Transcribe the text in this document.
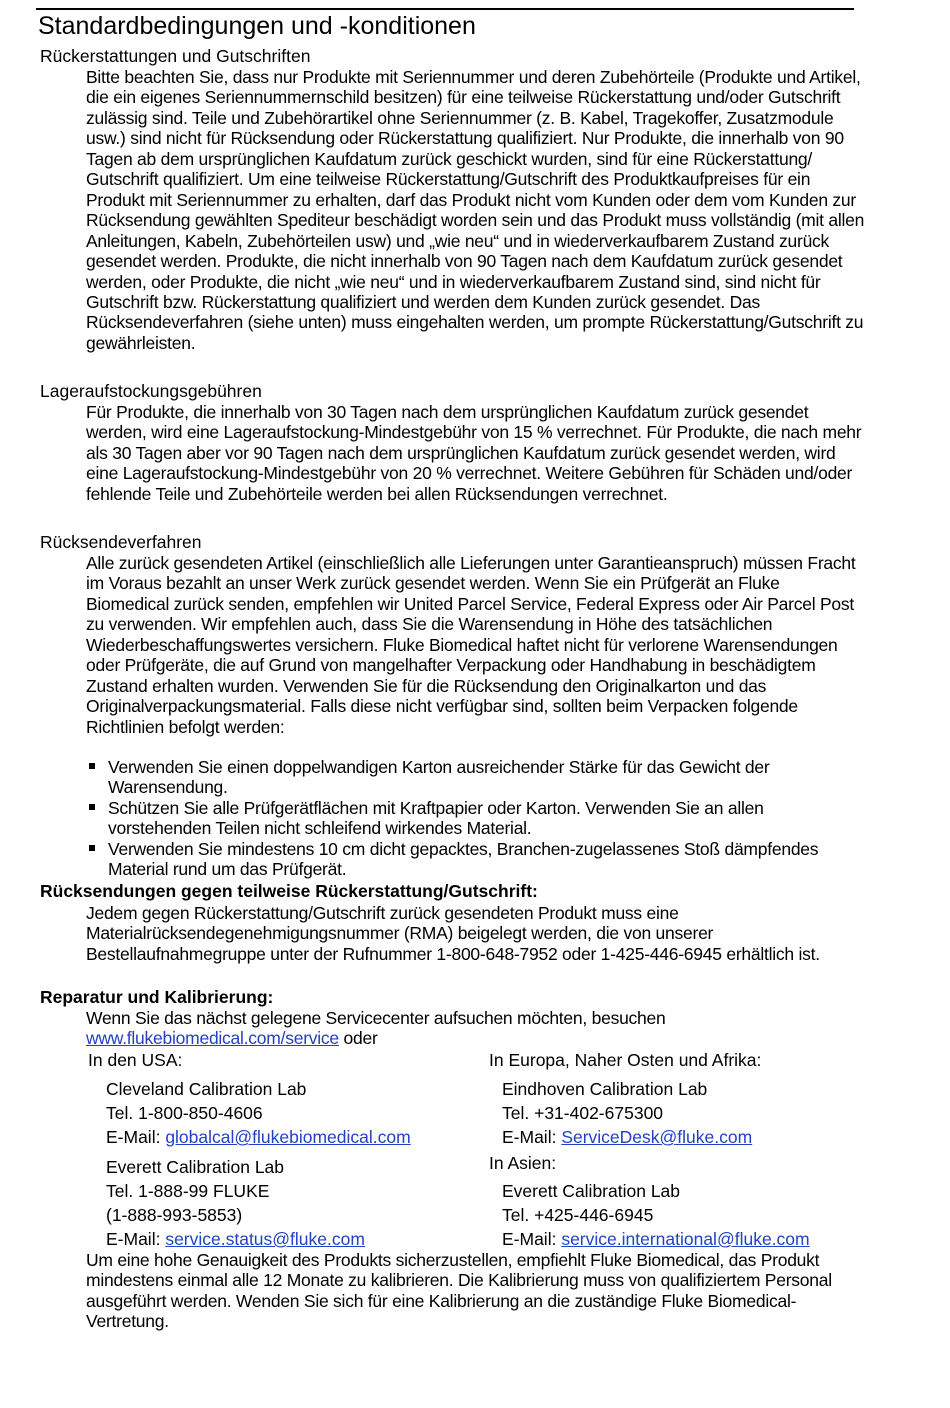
Standardbedingungen und -konditionen
Rückerstattungen und Gutschriften

Bitte beachten Sie, dass nur Produkte mit Seriennummer und deren Zubehörteile (Produkte und Artikel, die ein eigenes Seriennummernschild besitzen) für eine teilweise Rückerstattung und/oder Gutschrift zulässig sind. Teile und Zubehörartikel ohne Seriennummer (z. B. Kabel, Tragekoffer, Zusatzmodule usw.) sind nicht für Rücksendung oder Rückerstattung qualifiziert. Nur Produkte, die innerhalb von 90 Tagen ab dem ursprünglichen Kaufdatum zurück geschickt wurden, sind für eine Rückerstattung/ Gutschrift qualifiziert. Um eine teilweise Rückerstattung/Gutschrift des Produktkaufpreises für ein Produkt mit Seriennummer zu erhalten, darf das Produkt nicht vom Kunden oder dem vom Kunden zur Rücksendung gewählten Spediteur beschädigt worden sein und das Produkt muss vollständig (mit allen Anleitungen, Kabeln, Zubehörteilen usw) und „wie neu“ und in wiederverkaufbarem Zustand zurück gesendet werden. Produkte, die nicht innerhalb von 90 Tagen nach dem Kaufdatum zurück gesendet werden, oder Produkte, die nicht „wie neu“ und in wiederverkaufbarem Zustand sind, sind nicht für Gutschrift bzw. Rückerstattung qualifiziert und werden dem Kunden zurück gesendet. Das Rücksendeverfahren (siehe unten) muss eingehalten werden, um prompte Rückerstattung/Gutschrift zu gewährleisten.

Lageraufstockungsgebühren

Für Produkte, die innerhalb von 30 Tagen nach dem ursprünglichen Kaufdatum zurück gesendet werden, wird eine Lageraufstockung-Mindestgebühr von 15 % verrechnet. Für Produkte, die nach mehr als 30 Tagen aber vor 90 Tagen nach dem ursprünglichen Kaufdatum zurück gesendet werden, wird eine Lageraufstockung-Mindestgebühr von 20 % verrechnet. Weitere Gebühren für Schäden und/oder fehlende Teile und Zubehörteile werden bei allen Rücksendungen verrechnet.

Rücksendeverfahren

Alle zurück gesendeten Artikel (einschließlich alle Lieferungen unter Garantieanspruch) müssen Fracht im Voraus bezahlt an unser Werk zurück gesendet werden. Wenn Sie ein Prüfgerät an Fluke Biomedical zurück senden, empfehlen wir United Parcel Service, Federal Express oder Air Parcel Post zu verwenden. Wir empfehlen auch, dass Sie die Warensendung in Höhe des tatsächlichen Wiederbeschaffungswertes versichern. Fluke Biomedical haftet nicht für verlorene Warensendungen oder Prüfgeräte, die auf Grund von mangelhafter Verpackung oder Handhabung in beschädigtem Zustand erhalten wurden. Verwenden Sie für die Rücksendung den Originalkarton und das Originalverpackungsmaterial. Falls diese nicht verfügbar sind, sollten beim Verpacken folgende Richtlinien befolgt werden:

Verwenden Sie einen doppelwandigen Karton ausreichender Stärke für das Gewicht der Warensendung.
Schützen Sie alle Prüfgerätflächen mit Kraftpapier oder Karton. Verwenden Sie an allen vorstehenden Teilen nicht schleifend wirkendes Material.
Verwenden Sie mindestens 10 cm dicht gepacktes, Branchen-zugelassenes Stoß dämpfendes Material rund um das Prüfgerät.
Rücksendungen gegen teilweise Rückerstattung/Gutschrift:

Jedem gegen Rückerstattung/Gutschrift zurück gesendeten Produkt muss eine Materialrücksendegenehmigungsnummer (RMA) beigelegt werden, die von unserer Bestellaufnahmegruppe unter der Rufnummer 1-800-648-7952 oder 1-425-446-6945 erhältlich ist.

Reparatur und Kalibrierung:

Wenn Sie das nächst gelegene Servicecenter aufsuchen möchten, besuchen
www.flukebiomedical.com/service oder

In den USA:
Cleveland Calibration Lab
Tel. 1-800-850-4606
E-Mail: globalcal@flukebiomedical.com
Everett Calibration Lab
Tel. 1-888-99 FLUKE
(1-888-993-5853)
E-Mail: service.status@fluke.com
In Europa, Naher Osten und Afrika:
Eindhoven Calibration Lab
Tel. +31-402-675300
E-Mail: ServiceDesk@fluke.com
In Asien:
Everett Calibration Lab
Tel. +425-446-6945
E-Mail: service.international@fluke.com

Um eine hohe Genauigkeit des Produkts sicherzustellen, empfiehlt Fluke Biomedical, das Produkt mindestens einmal alle 12 Monate zu kalibrieren. Die Kalibrierung muss von qualifiziertem Personal ausgeführt werden. Wenden Sie sich für eine Kalibrierung an die zuständige Fluke Biomedical-Vertretung.
